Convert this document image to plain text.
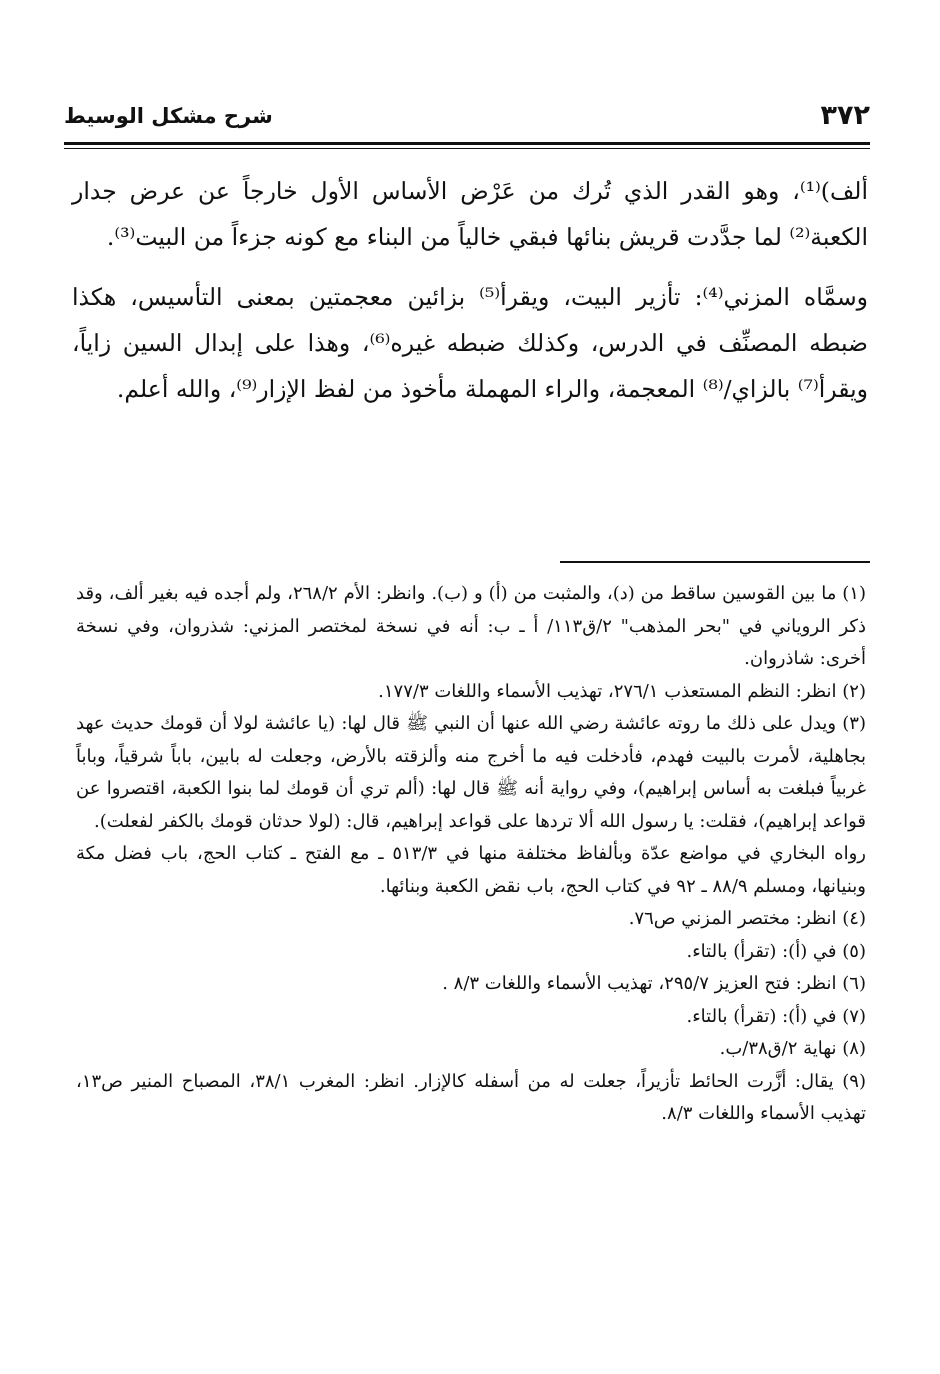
٣٧٢
شرح مشكل الوسيط

ألف)⁽¹⁾، وهو القدر الذي تُرك من عَرْض الأساس الأول خارجاً عن عرض جدار الكعبة⁽²⁾ لما جدَّدت قريش بنائها فبقي خالياً من البناء مع كونه جزءاً من البيت⁽³⁾.

وسمَّاه المزني⁽⁴⁾: تأزير البيت، ويقرأ⁽⁵⁾ بزائين معجمتين بمعنى التأسيس، هكذا ضبطه المصنِّف في الدرس، وكذلك ضبطه غيره⁽⁶⁾، وهذا على إبدال السين زاياً، ويقرأ⁽⁷⁾ بالزاي/⁽⁸⁾ المعجمة، والراء المهملة مأخوذ من لفظ الإزار⁽⁹⁾، والله أعلم.

(١) ما بين القوسين ساقط من (د)، والمثبت من (أ) و (ب). وانظر: الأم ٢٦٨/٢، ولم أجده فيه بغير ألف، وقد ذكر الروياني في "بحر المذهب" ٢/ق١١٣/ أ ـ ب: أنه في نسخة لمختصر المزني: شذروان، وفي نسخة أخرى: شاذروان.

(٢) انظر: النظم المستعذب ٢٧٦/١، تهذيب الأسماء واللغات ١٧٧/٣.

(٣) ويدل على ذلك ما روته عائشة رضي الله عنها أن النبي ﷺ قال لها: (يا عائشة لولا أن قومك حديث عهد بجاهلية، لأمرت بالبيت فهدم، فأدخلت فيه ما أخرج منه وألزقته بالأرض، وجعلت له بابين، باباً شرقياً، وباباً غربياً فبلغت به أساس إبراهيم)، وفي رواية أنه ﷺ قال لها: (ألم تري أن قومك لما بنوا الكعبة، اقتصروا عن قواعد إبراهيم)، فقلت: يا رسول الله ألا تردها على قواعد إبراهيم، قال: (لولا حدثان قومك بالكفر لفعلت).

رواه البخاري في مواضع عدّة وبألفاظ مختلفة منها في ٥١٣/٣ ـ مع الفتح ـ كتاب الحج، باب فضل مكة وبنيانها، ومسلم ٨٨/٩ ـ ٩٢ في كتاب الحج، باب نقض الكعبة وبنائها.

(٤) انظر: مختصر المزني ص٧٦.

(٥) في (أ): (تقرأ) بالتاء.

(٦) انظر: فتح العزيز ٢٩٥/٧، تهذيب الأسماء واللغات ٨/٣ .

(٧) في (أ): (تقرأ) بالتاء.

(٨) نهاية ٢/ق٣٨/ب.

(٩) يقال: أزَّرت الحائط تأزيراً، جعلت له من أسفله كالإزار. انظر: المغرب ٣٨/١، المصباح المنير ص١٣، تهذيب الأسماء واللغات ٨/٣.
